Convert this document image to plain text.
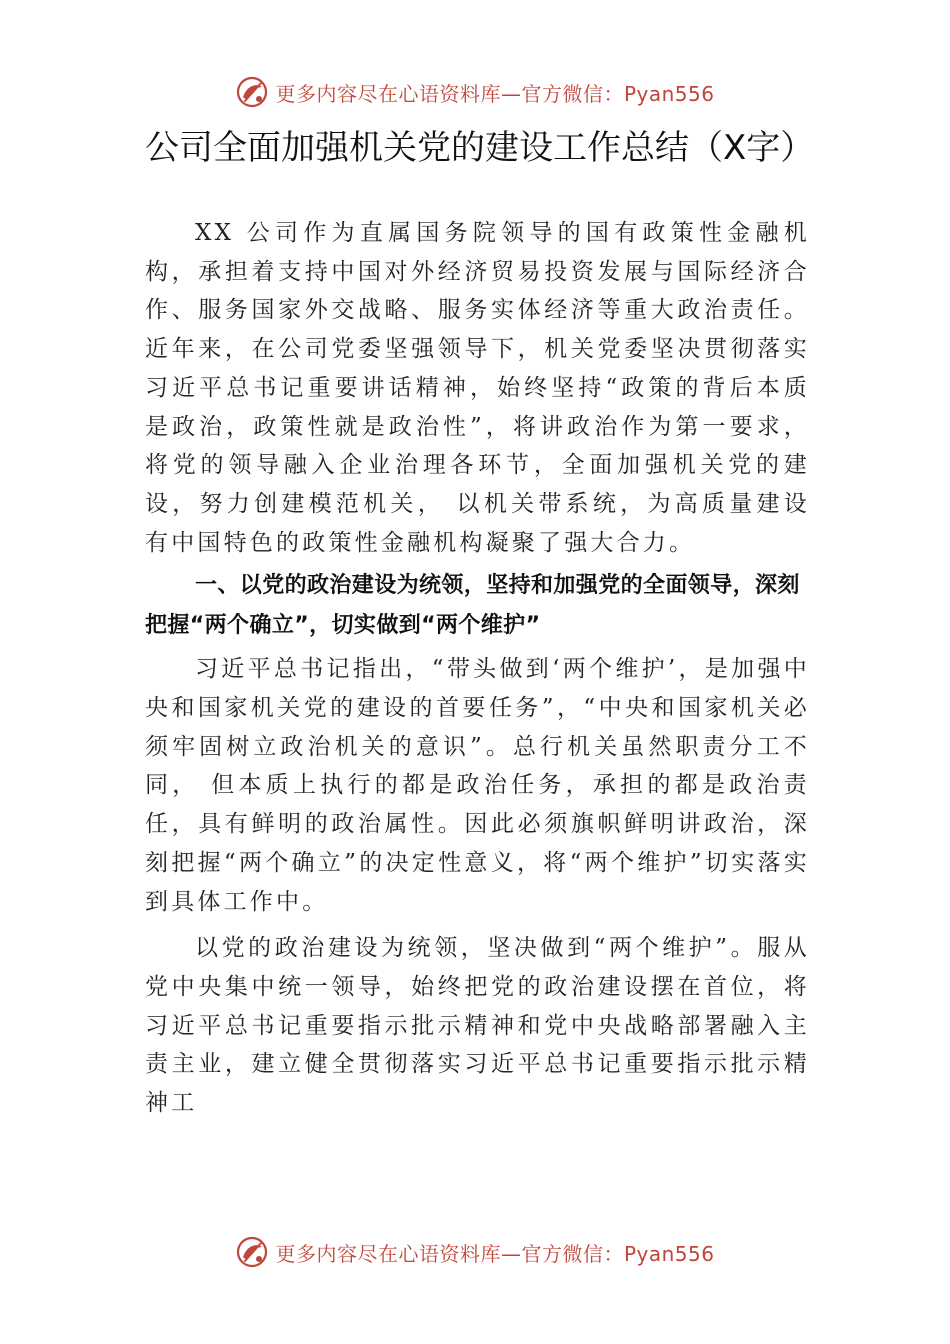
更多内容尽在心语资料库—官方微信：Pyan556
公司全面加强机关党的建设工作总结（X字）

XX 公司作为直属国务院领导的国有政策性金融机构，承担着支持中国对外经济贸易投资发展与国际经济合作、服务国家外交战略、服务实体经济等重大政治责任。近年来，在公司党委坚强领导下，机关党委坚决贯彻落实习近平总书记重要讲话精神，始终坚持“政策的背后本质是政治，政策性就是政治性”，将讲政治作为第一要求，将党的领导融入企业治理各环节，全面加强机关党的建设，努力创建模范机关， 以机关带系统，为高质量建设有中国特色的政策性金融机构凝聚了强大合力。

一、以党的政治建设为统领，坚持和加强党的全面领导，深刻把握“两个确立”，切实做到“两个维护”

习近平总书记指出，“带头做到‘两个维护’，是加强中央和国家机关党的建设的首要任务”，“中央和国家机关必须牢固树立政治机关的意识”。总行机关虽然职责分工不同， 但本质上执行的都是政治任务，承担的都是政治责任，具有鲜明的政治属性。因此必须旗帜鲜明讲政治，深刻把握“两个确立”的决定性意义，将“两个维护”切实落实到具体工作中。

以党的政治建设为统领，坚决做到“两个维护”。服从党中央集中统一领导，始终把党的政治建设摆在首位，将习近平总书记重要指示批示精神和党中央战略部署融入主责主业，建立健全贯彻落实习近平总书记重要指示批示精神工

更多内容尽在心语资料库—官方微信：Pyan556
